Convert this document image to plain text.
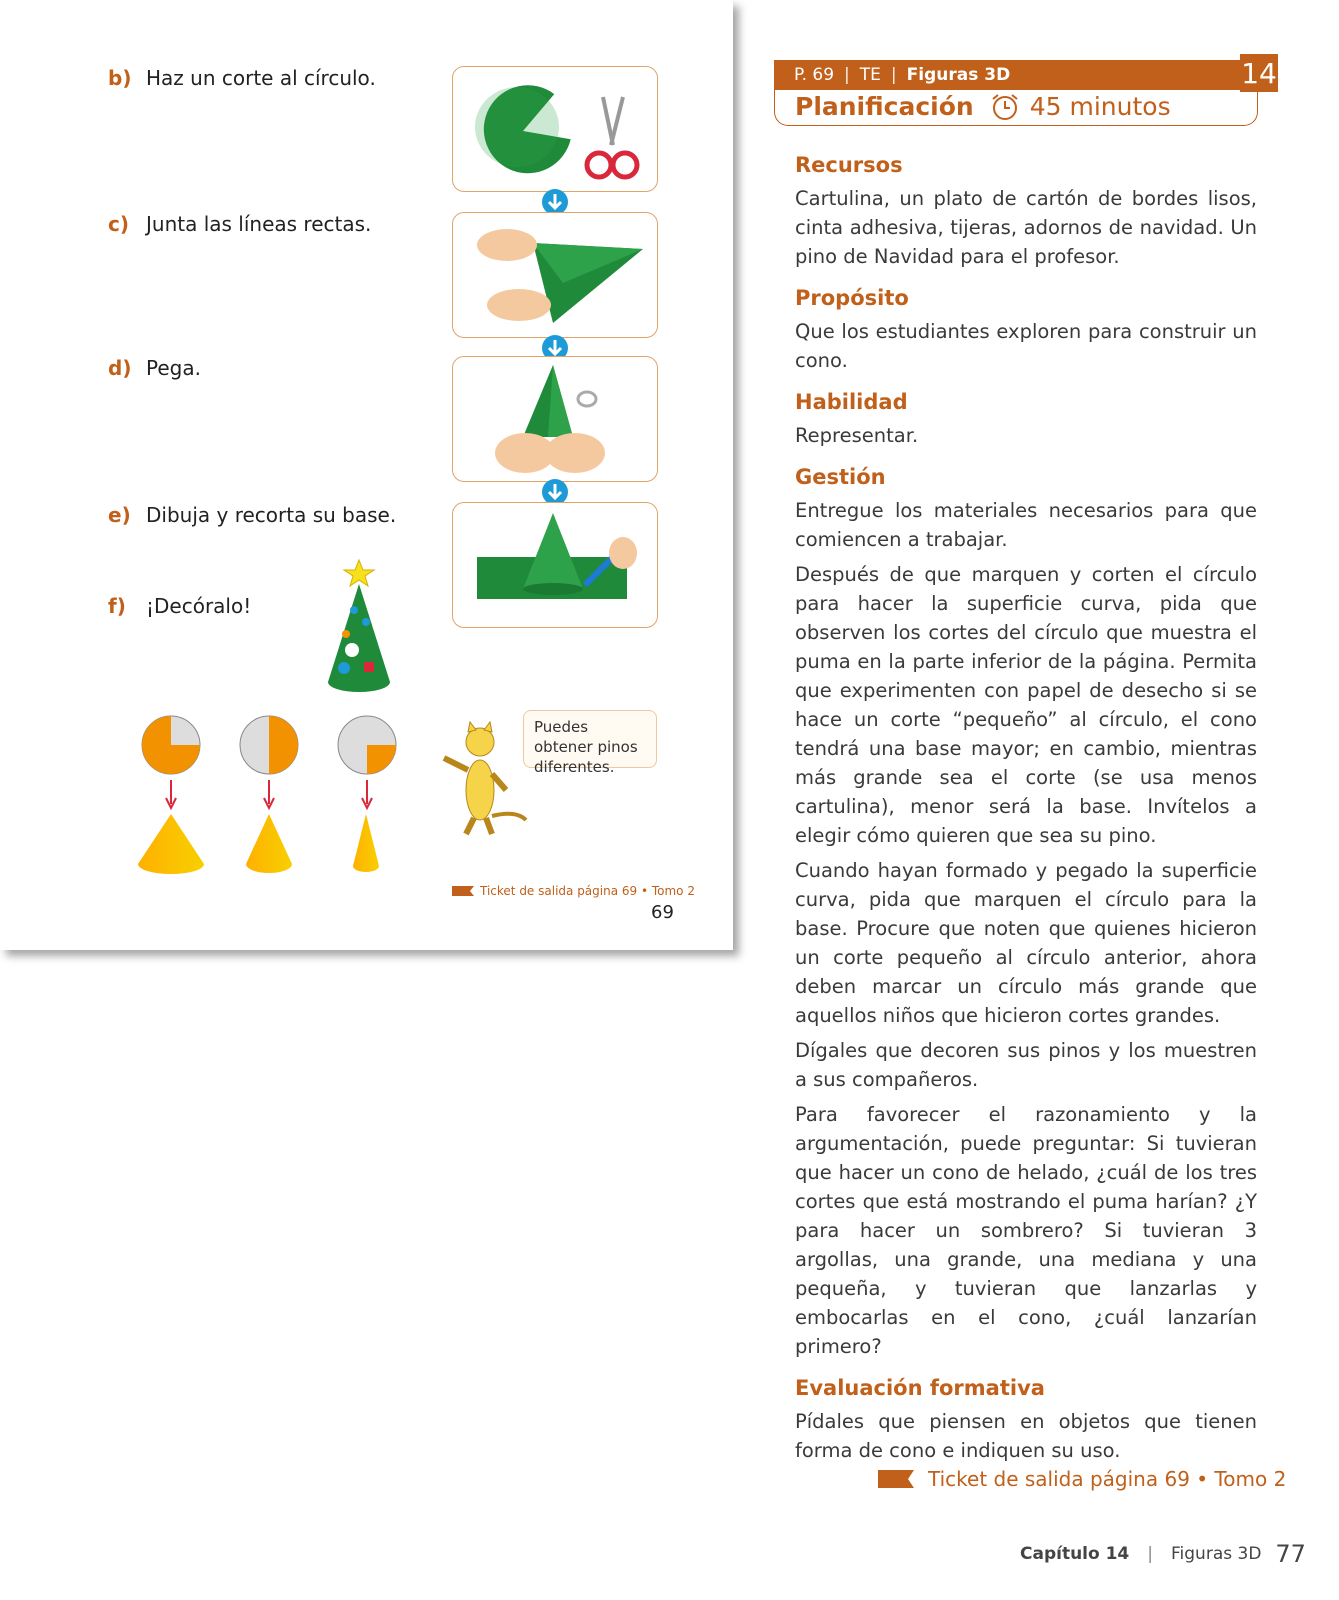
b) Haz un corte al círculo.
c) Junta las líneas rectas.
d) Pega.
e) Dibuja y recorta su base.
f) ¡Decóralo!
Puedes obtener pinos diferentes.
Ticket de salida página 69 • Tomo 2
69
P. 69 | TE | Figuras 3D	14
Planificación 45 minutos
Recursos

Cartulina, un plato de cartón de bordes lisos, cinta adhesiva, tijeras, adornos de navidad. Un pino de Navidad para el profesor.

Propósito

Que los estudiantes exploren para construir un cono.

Habilidad

Representar.

Gestión

Entregue los materiales necesarios para que comiencen a trabajar.

Después de que marquen y corten el círculo para hacer la superficie curva, pida que observen los cortes del círculo que muestra el puma en la parte inferior de la página. Permita que experimenten con papel de desecho si se hace un corte “pequeño” al círculo, el cono tendrá una base mayor; en cambio, mientras más grande sea el corte (se usa menos cartulina), menor será la base. Invítelos a elegir cómo quieren que sea su pino.

Cuando hayan formado y pegado la superficie curva, pida que marquen el círculo para la base. Procure que noten que quienes hicieron un corte pequeño al círculo anterior, ahora deben marcar un círculo más grande que aquellos niños que hicieron cortes grandes.

Dígales que decoren sus pinos y los muestren a sus compañeros.

Para favorecer el razonamiento y la argumentación, puede preguntar: Si tuvieran que hacer un cono de helado, ¿cuál de los tres cortes que está mostrando el puma harían? ¿Y para hacer un sombrero? Si tuvieran 3 argollas, una grande, una mediana y una pequeña, y tuvieran que lanzarlas y embocarlas en el cono, ¿cuál lanzarían primero?

Evaluación formativa

Pídales que piensen en objetos que tienen forma de cono e indiquen su uso.

Ticket de salida página 69 • Tomo 2
Capítulo 14 | Figuras 3D 77
